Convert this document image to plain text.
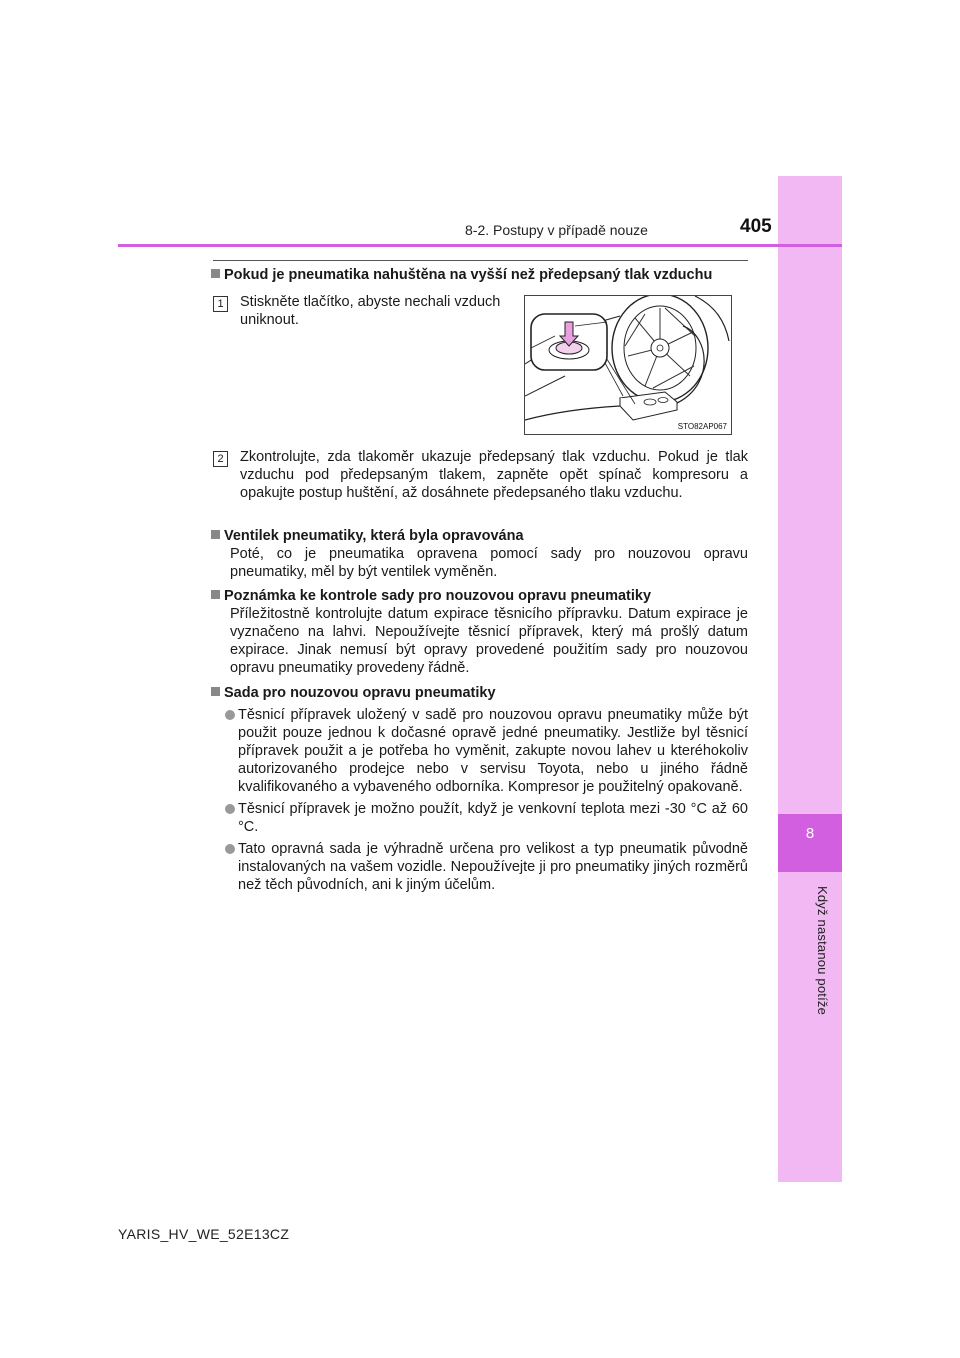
8
Když nastanou potíže
8-2. Postupy v případě nouze	405
Pokud je pneumatika nahuštěna na vyšší než předepsaný tlak vzduchu
1	Stiskněte tlačítko, abyste nechali vzduch uniknout.
STO82AP067
2	Zkontrolujte, zda tlakoměr ukazuje předepsaný tlak vzduchu. Pokud je tlak vzduchu pod předepsaným tlakem, zapněte opět spínač kompresoru a opakujte postup huštění, až dosáhnete předepsaného tlaku vzduchu.
Ventilek pneumatiky, která byla opravována
Poté, co je pneumatika opravena pomocí sady pro nouzovou opravu pneumatiky, měl by být ventilek vyměněn.
Poznámka ke kontrole sady pro nouzovou opravu pneumatiky
Příležitostně kontrolujte datum expirace těsnicího přípravku. Datum expirace je vyznačeno na lahvi. Nepoužívejte těsnicí přípravek, který má prošlý datum expirace. Jinak nemusí být opravy provedené použitím sady pro nouzovou opravu pneumatiky provedeny řádně.
Sada pro nouzovou opravu pneumatiky
Těsnicí přípravek uložený v sadě pro nouzovou opravu pneumatiky může být použit pouze jednou k dočasné opravě jedné pneumatiky. Jestliže byl těsnicí přípravek použit a je potřeba ho vyměnit, zakupte novou lahev u kteréhokoliv autorizovaného prodejce nebo v servisu Toyota, nebo u jiného řádně kvalifikovaného a vybaveného odborníka. Kompresor je použitelný opakovaně.
Těsnicí přípravek je možno použít, když je venkovní teplota mezi -30 °C až 60 °C.
Tato opravná sada je výhradně určena pro velikost a typ pneumatik původně instalovaných na vašem vozidle. Nepoužívejte ji pro pneumatiky jiných rozměrů než těch původních, ani k jiným účelům.
YARIS_HV_WE_52E13CZ
